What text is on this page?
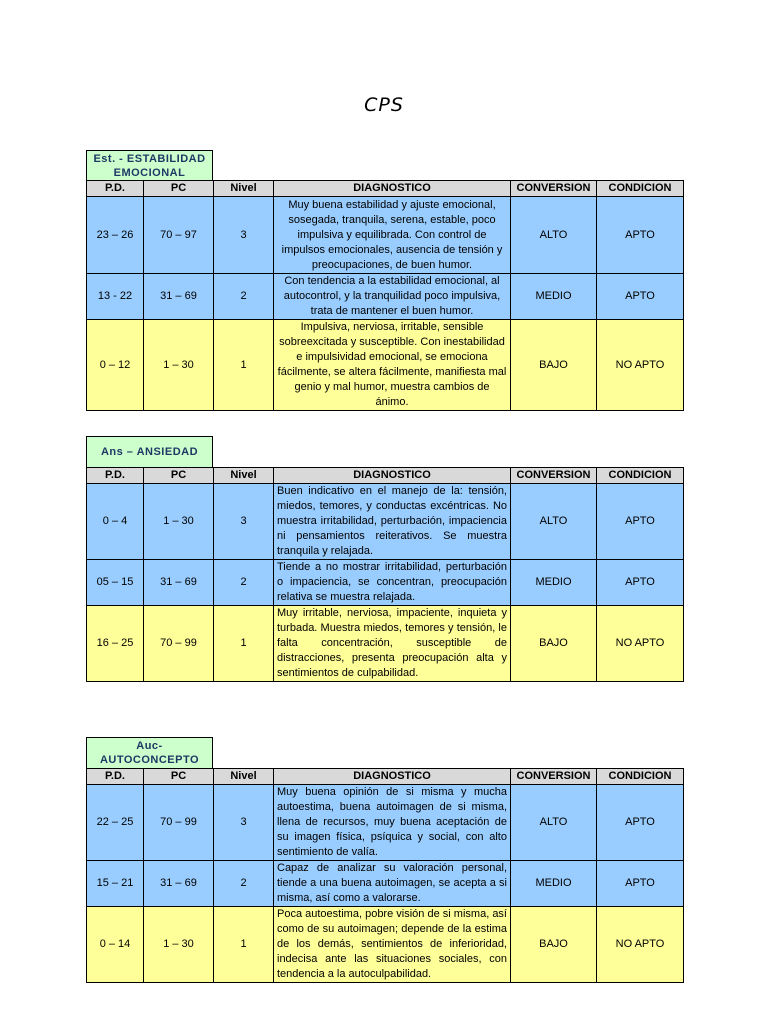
CPS
Est. - ESTABILIDAD
EMOCIONAL
P.D.	PC	Nivel	DIAGNOSTICO	CONVERSION	CONDICION
23 – 26	70 – 97	3	Muy buena estabilidad y ajuste emocional, sosegada, tranquila, serena, estable, poco impulsiva y equilibrada. Con control de impulsos emocionales, ausencia de tensión y preocupaciones, de buen humor.	ALTO	APTO
13 - 22	31 – 69	2	Con tendencia a la estabilidad emocional, al autocontrol, y la tranquilidad poco impulsiva, trata de mantener el buen humor.	MEDIO	APTO
0 – 12	1 – 30	1	Impulsiva, nerviosa, irritable, sensible sobreexcitada y susceptible. Con inestabilidad e impulsividad emocional, se emociona fácilmente, se altera fácilmente, manifiesta mal genio y mal humor, muestra cambios de ánimo.	BAJO	NO APTO
Ans – ANSIEDAD
P.D.	PC	Nivel	DIAGNOSTICO	CONVERSION	CONDICION
0 – 4	1 – 30	3	Buen indicativo en el manejo de la: tensión, miedos, temores, y conductas excéntricas. No muestra irritabilidad, perturbación, impaciencia ni pensamientos reiterativos. Se muestra tranquila y relajada.	ALTO	APTO
05 – 15	31 – 69	2	Tiende a no mostrar irritabilidad, perturbación o impaciencia, se concentran, preocupación relativa se muestra relajada.	MEDIO	APTO
16 – 25	70 – 99	1	Muy irritable, nerviosa, impaciente, inquieta y turbada. Muestra miedos, temores y tensión, le falta concentración, susceptible de distracciones, presenta preocupación alta y sentimientos de culpabilidad.	BAJO	NO APTO
Auc-AUTOCONCEPTO
P.D.	PC	Nivel	DIAGNOSTICO	CONVERSION	CONDICION
22 – 25	70 – 99	3	Muy buena opinión de si misma y mucha autoestima, buena autoimagen de si misma, llena de recursos, muy buena aceptación de su imagen física, psíquica y social, con alto sentimiento de valía.	ALTO	APTO
15 – 21	31 – 69	2	Capaz de analizar su valoración personal, tiende a una buena autoimagen, se acepta a si misma, así como a valorarse.	MEDIO	APTO
0 – 14	1 – 30	1	Poca autoestima, pobre visión de si misma, así como de su autoimagen; depende de la estima de los demás, sentimientos de inferioridad, indecisa ante las situaciones sociales, con tendencia a la autoculpabilidad.	BAJO	NO APTO
